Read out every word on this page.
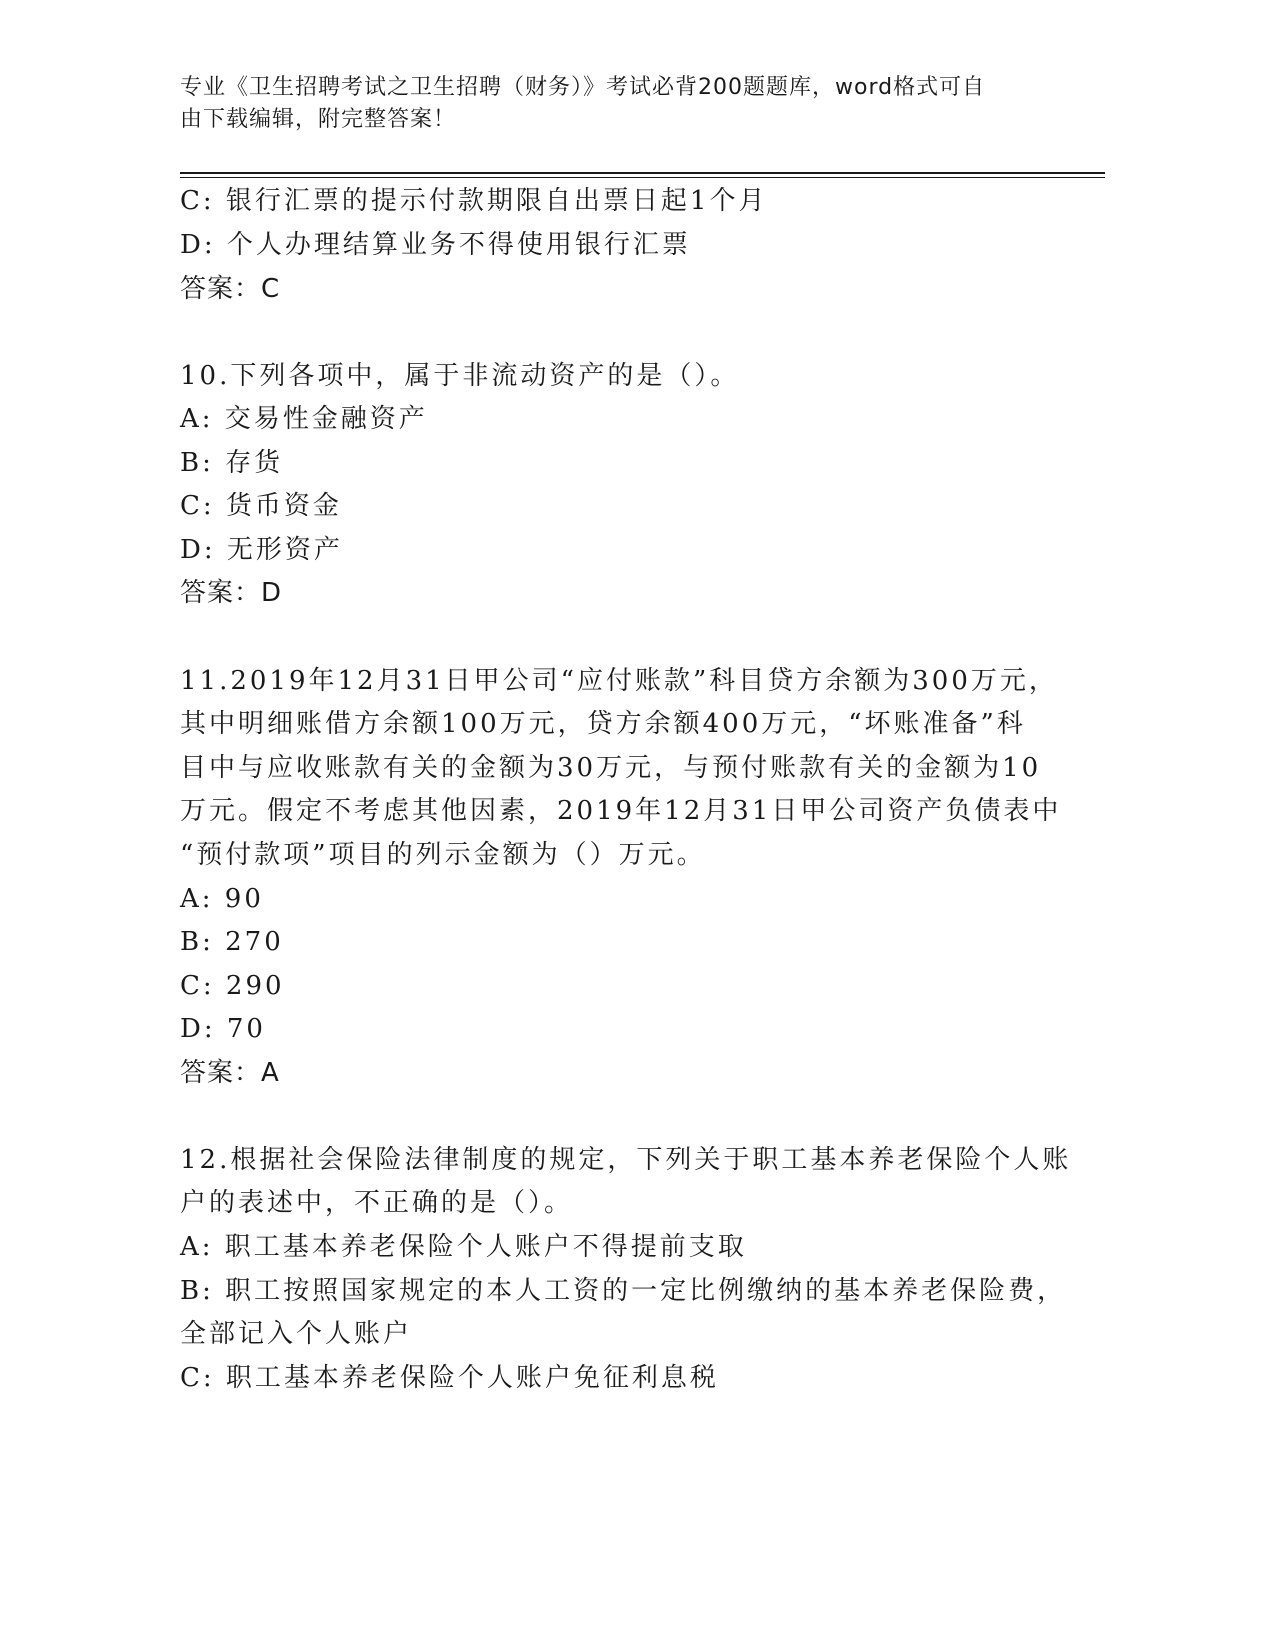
专业《卫生招聘考试之卫生招聘（财务）》考试必背200题题库，word格式可自
由下载编辑，附完整答案！
C: 银行汇票的提示付款期限自出票日起1个月
D: 个人办理结算业务不得使用银行汇票
答案：C
10.下列各项中，属于非流动资产的是（）。
A: 交易性金融资产
B: 存货
C: 货币资金
D: 无形资产
答案：D
11.2019年12月31日甲公司“应付账款”科目贷方余额为300万元，
其中明细账借方余额100万元，贷方余额400万元，“坏账准备”科
目中与应收账款有关的金额为30万元，与预付账款有关的金额为10
万元。假定不考虑其他因素，2019年12月31日甲公司资产负债表中
“预付款项”项目的列示金额为（）万元。
A: 90
B: 270
C: 290
D: 70
答案：A
12.根据社会保险法律制度的规定，下列关于职工基本养老保险个人账
户的表述中，不正确的是（）。
A: 职工基本养老保险个人账户不得提前支取
B: 职工按照国家规定的本人工资的一定比例缴纳的基本养老保险费，
全部记入个人账户
C: 职工基本养老保险个人账户免征利息税
